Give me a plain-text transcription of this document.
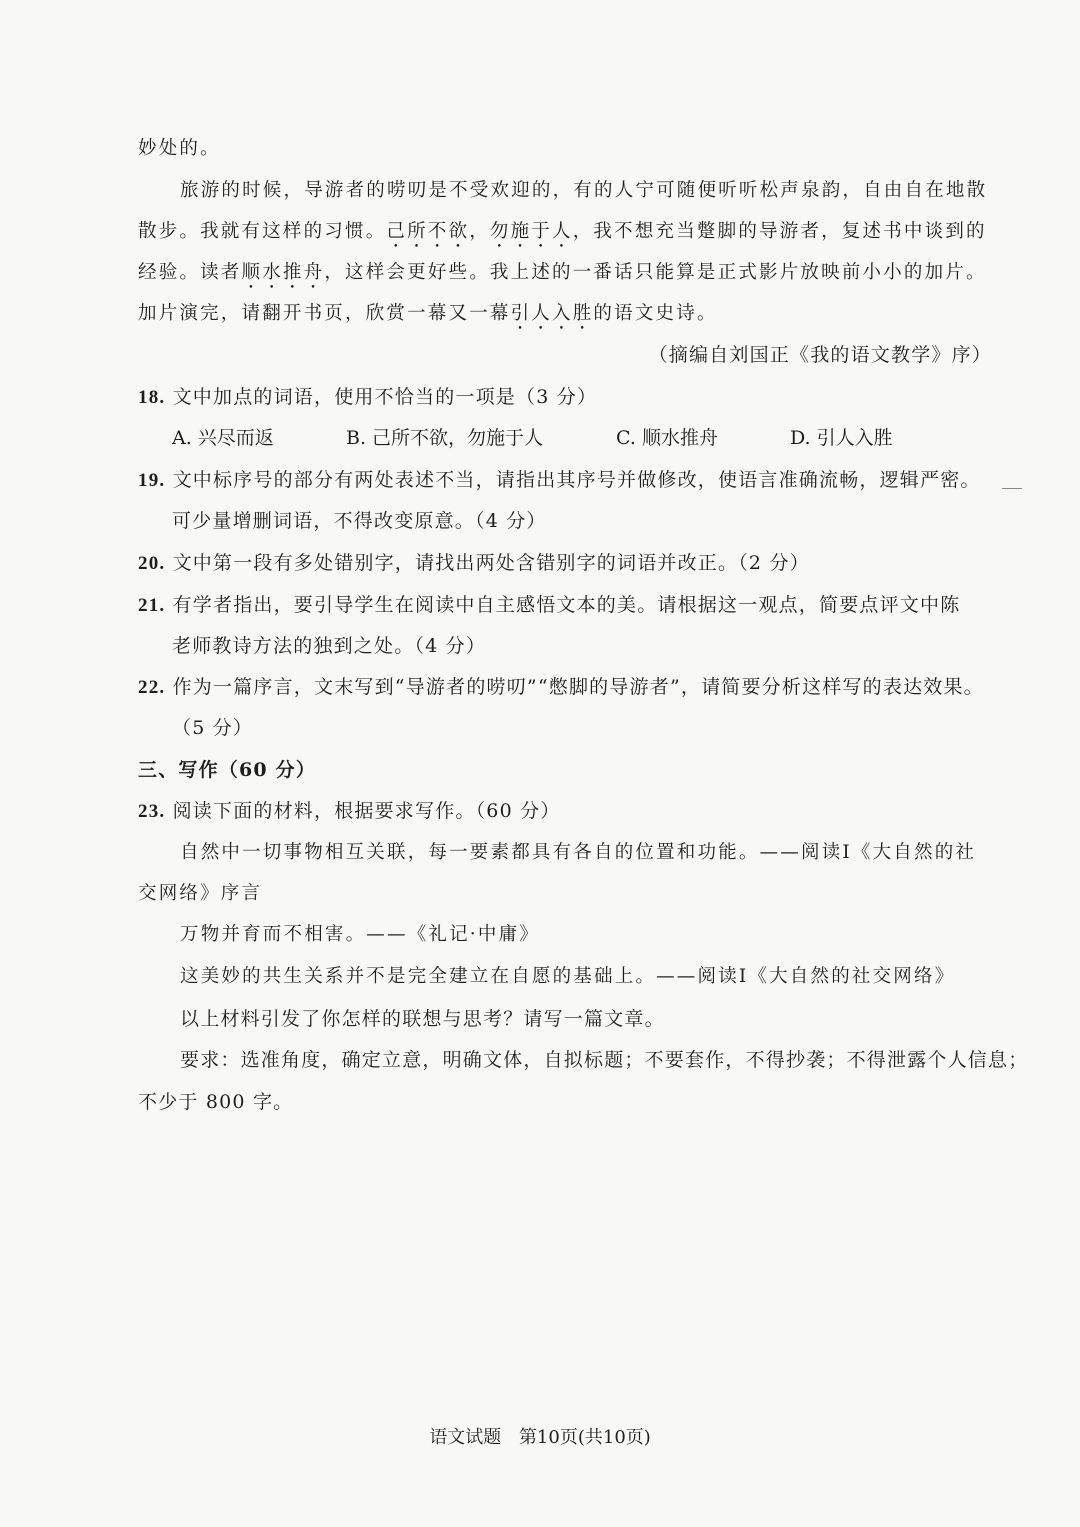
妙处的。
旅游的时候，导游者的唠叨是不受欢迎的，有的人宁可随便听听松声泉韵，自由自在地散
散步。我就有这样的习惯。己所不欲，勿施于人，我不想充当蹩脚的导游者，复述书中谈到的
经验。读者顺水推舟，这样会更好些。我上述的一番话只能算是正式影片放映前小小的加片。
加片演完，请翻开书页，欣赏一幕又一幕引人入胜的语文史诗。
（摘编自刘国正《我的语文教学》序）
18. 文中加点的词语，使用不恰当的一项是（3 分）
A. 兴尽而返	B. 己所不欲，勿施于人	C. 顺水推舟	D. 引人入胜
19. 文中标序号的部分有两处表述不当，请指出其序号并做修改，使语言准确流畅，逻辑严密。
可少量增删词语，不得改变原意。（4 分）
20. 文中第一段有多处错别字，请找出两处含错别字的词语并改正。（2 分）
21. 有学者指出，要引导学生在阅读中自主感悟文本的美。请根据这一观点，简要点评文中陈
老师教诗方法的独到之处。（4 分）
22. 作为一篇序言，文末写到“导游者的唠叨”“憋脚的导游者”，请简要分析这样写的表达效果。
（5 分）
三、写作（60 分）
23. 阅读下面的材料，根据要求写作。（60 分）
自然中一切事物相互关联，每一要素都具有各自的位置和功能。——阅读Ⅰ《大自然的社
交网络》序言
万物并育而不相害。——《礼记·中庸》
这美妙的共生关系并不是完全建立在自愿的基础上。——阅读Ⅰ《大自然的社交网络》
以上材料引发了你怎样的联想与思考？请写一篇文章。
要求：选准角度，确定立意，明确文体，自拟标题；不要套作，不得抄袭；不得泄露个人信息；
不少于 800 字。
语文试题 第10页(共10页)
